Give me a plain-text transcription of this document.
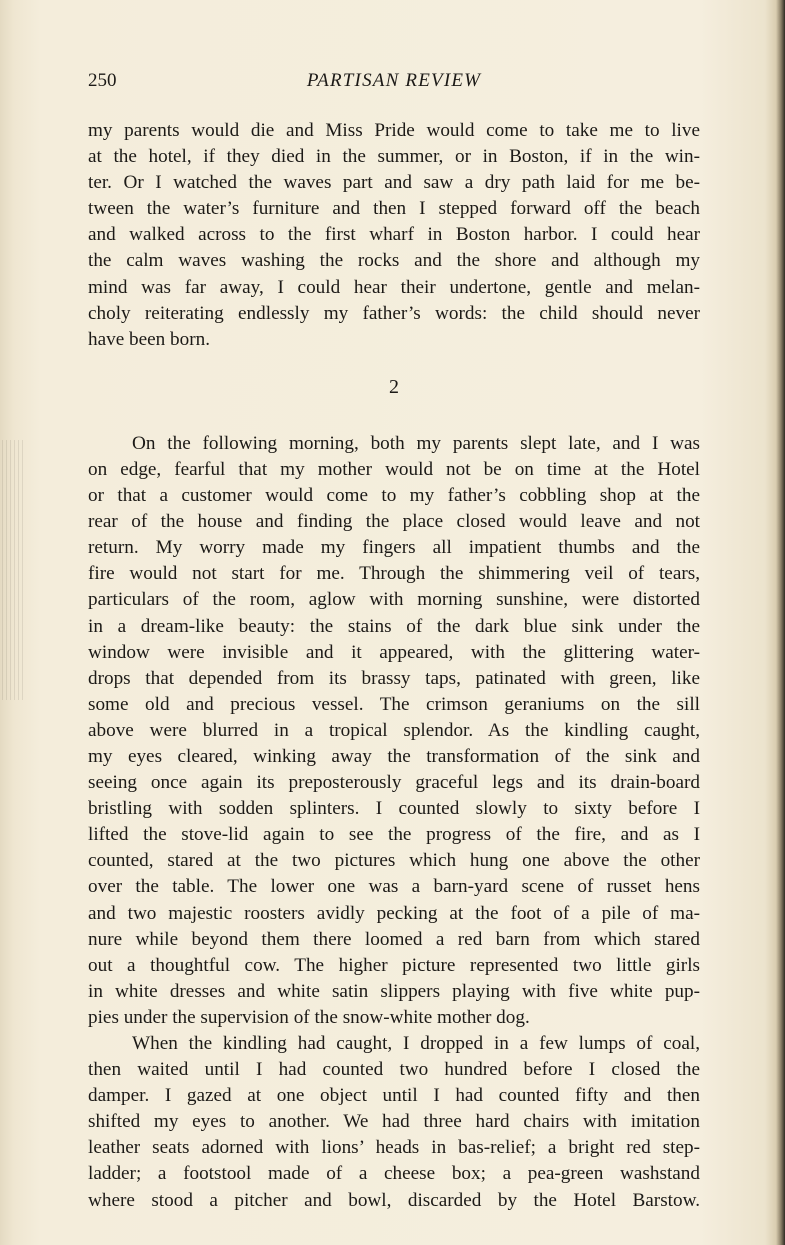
250	PARTISAN REVIEW
my parents would die and Miss Pride would come to take me to live
at the hotel, if they died in the summer, or in Boston, if in the win-
ter. Or I watched the waves part and saw a dry path laid for me be-
tween the water’s furniture and then I stepped forward off the beach
and walked across to the first wharf in Boston harbor. I could hear
the calm waves washing the rocks and the shore and although my
mind was far away, I could hear their undertone, gentle and melan-
choly reiterating endlessly my father’s words: the child should never
have been born.
2
On the following morning, both my parents slept late, and I was
on edge, fearful that my mother would not be on time at the Hotel
or that a customer would come to my father’s cobbling shop at the
rear of the house and finding the place closed would leave and not
return. My worry made my fingers all impatient thumbs and the
fire would not start for me. Through the shimmering veil of tears,
particulars of the room, aglow with morning sunshine, were distorted
in a dream-like beauty: the stains of the dark blue sink under the
window were invisible and it appeared, with the glittering water-
drops that depended from its brassy taps, patinated with green, like
some old and precious vessel. The crimson geraniums on the sill
above were blurred in a tropical splendor. As the kindling caught,
my eyes cleared, winking away the transformation of the sink and
seeing once again its preposterously graceful legs and its drain-board
bristling with sodden splinters. I counted slowly to sixty before I
lifted the stove-lid again to see the progress of the fire, and as I
counted, stared at the two pictures which hung one above the other
over the table. The lower one was a barn-yard scene of russet hens
and two majestic roosters avidly pecking at the foot of a pile of ma-
nure while beyond them there loomed a red barn from which stared
out a thoughtful cow. The higher picture represented two little girls
in white dresses and white satin slippers playing with five white pup-
pies under the supervision of the snow-white mother dog.
When the kindling had caught, I dropped in a few lumps of coal,
then waited until I had counted two hundred before I closed the
damper. I gazed at one object until I had counted fifty and then
shifted my eyes to another. We had three hard chairs with imitation
leather seats adorned with lions’ heads in bas-relief; a bright red step-
ladder; a footstool made of a cheese box; a pea-green washstand
where stood a pitcher and bowl, discarded by the Hotel Barstow.
